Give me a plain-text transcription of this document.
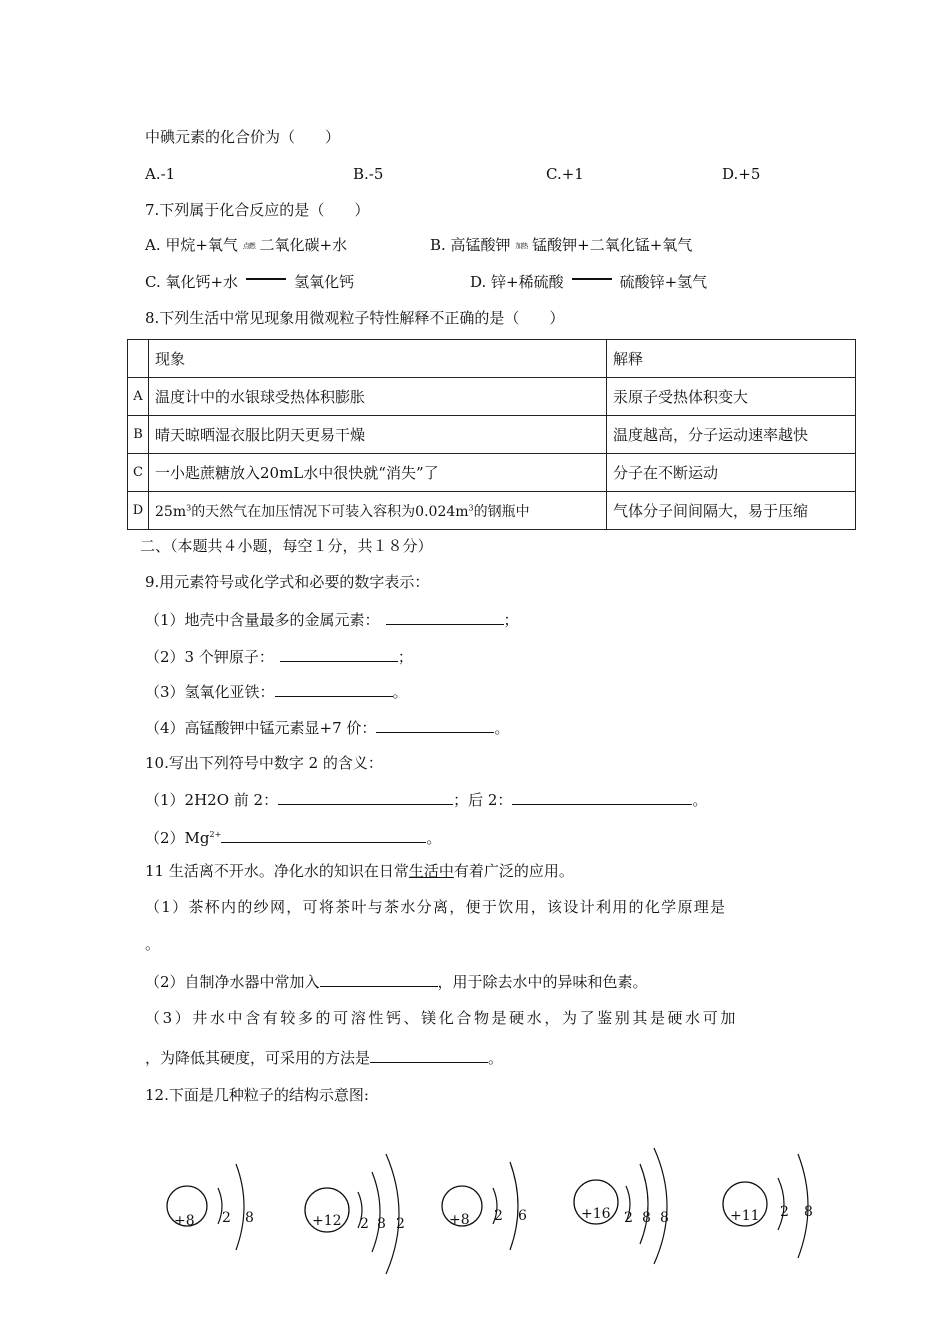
中碘元素的化合价为（　　）
A.-1	B.-5	C.+1	D.+5
7.下列属于化合反应的是（　　）
A. 甲烷+氧气 点燃 二氧化碳+水	B. 高锰酸钾 加热 锰酸钾+二氧化锰+氧气
C. 氧化钙+水	氢氧化钙	D. 锌+稀硫酸	硫酸锌+氢气
8.下列生活中常见现象用微观粒子特性解释不正确的是（　　）
	现象	解释
A	温度计中的水银球受热体积膨胀	汞原子受热体积变大
B	晴天晾晒湿衣服比阴天更易干燥	温度越高，分子运动速率越快
C	一小匙蔗糖放入20mL水中很快就“消失”了	分子在不断运动
D	$25m^3$的天然气在加压情况下可装入容积为$0.024m^3$的钢瓶中	气体分子间间隔大，易于压缩
二、（本题共４小题，每空１分，共１８分）
9.用元素符号或化学式和必要的数字表示：
（1）地壳中含量最多的金属元素：	；
（2）3 个钾原子：	；
（3）氢氧化亚铁：	。
（4）高锰酸钾中锰元素显+7 价：	。
10.写出下列符号中数字 2 的含义：
（1）2H2O 前 2：	；后 2：	。
$(2)Mg^{2+}$	。
11 生活离不开水。净化水的知识在日常生活中有着广泛的应用。
（1）茶杯内的纱网，可将茶叶与茶水分离，便于饮用，该设计利用的化学原理是
。
（2）自制净水器中常加入	，用于除去水中的异味和色素。
（3）井水中含有较多的可溶性钙、镁化合物是硬水，为了鉴别其是硬水可加
，为降低其硬度，可采用的方法是	。
12.下面是几种粒子的结构示意图:
+8 2 8	+12 2 8 2	+8 2 6	+16 2 8 8	+11 2 8
